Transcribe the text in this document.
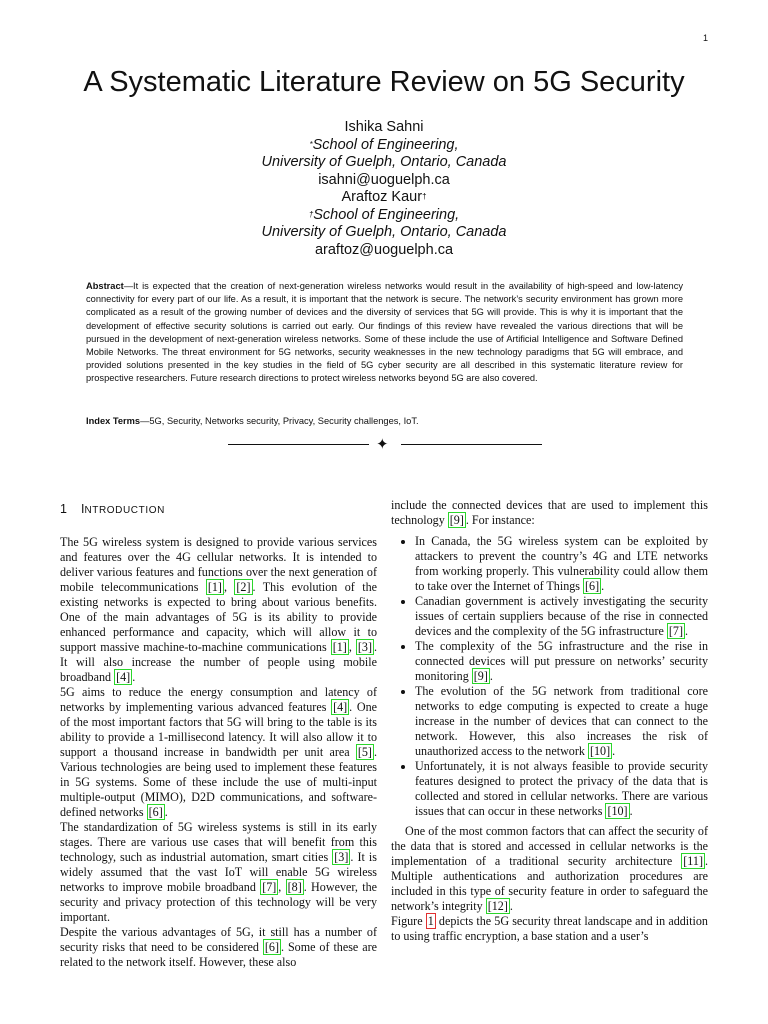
1
A Systematic Literature Review on 5G Security
Ishika Sahni
*School of Engineering,
University of Guelph, Ontario, Canada
isahni@uoguelph.ca
Araftoz Kaur†
†School of Engineering,
University of Guelph, Ontario, Canada
araftoz@uoguelph.ca
Abstract—It is expected that the creation of next-generation wireless networks would result in the availability of high-speed and low-latency connectivity for every part of our life. As a result, it is important that the network is secure. The network’s security environment has grown more complicated as a result of the growing number of devices and the diversity of services that 5G will provide. This is why it is important that the development of effective security solutions is carried out early. Our findings of this review have revealed the various directions that will be pursued in the development of next-generation wireless networks. Some of these include the use of Artificial Intelligence and Software Defined Mobile Networks. The threat environment for 5G networks, security weaknesses in the new technology paradigms that 5G will embrace, and provided solutions presented in the key studies in the field of 5G cyber security are all described in this systematic literature review for prospective researchers. Future research directions to protect wireless networks beyond 5G are also covered.
Index Terms—5G, Security, Networks security, Privacy, Security challenges, IoT.
✦
1 INTRODUCTION

The 5G wireless system is designed to provide various services and features over the 4G cellular networks. It is intended to deliver various features and functions over the next generation of mobile telecommunications [1] , [2] . This evolution of the existing networks is expected to bring about various benefits. One of the main advantages of 5G is its ability to provide enhanced performance and capacity, which will allow it to support massive machine-to-machine communications [1] , [3] . It will also increase the number of people using mobile broadband [4] .

5G aims to reduce the energy consumption and latency of networks by implementing various advanced features [4] . One of the most important factors that 5G will bring to the table is its ability to provide a 1-millisecond latency. It will also allow it to support a thousand increase in bandwidth per unit area [5] . Various technologies are being used to implement these features in 5G systems. Some of these include the use of multi-input multiple-output (MIMO), D2D communications, and software-defined networks [6] .

The standardization of 5G wireless systems is still in its early stages. There are various use cases that will benefit from this technology, such as industrial automation, smart cities [3] . It is widely assumed that the vast IoT will enable 5G wireless networks to improve mobile broadband [7] , [8] . However, the security and privacy protection of this technology will be very important.

Despite the various advantages of 5G, it still has a number of security risks that need to be considered [6] . Some of these are related to the network itself. However, these also

include the connected devices that are used to implement this technology [9] . For instance:

• In Canada, the 5G wireless system can be exploited by attackers to prevent the country’s 4G and LTE networks from working properly. This vulnerability could allow them to take over the Internet of Things [6] .
• Canadian government is actively investigating the security issues of certain suppliers because of the rise in connected devices and the complexity of the 5G infrastructure [7] .
• The complexity of the 5G infrastructure and the rise in connected devices will put pressure on networks’ security monitoring [9] .
• The evolution of the 5G network from traditional core networks to edge computing is expected to create a huge increase in the number of devices that can connect to the network. However, this also increases the risk of unauthorized access to the network [10] .
• Unfortunately, it is not always feasible to provide security features designed to protect the privacy of the data that is collected and stored in cellular networks. There are various issues that can occur in these networks [10] .

One of the most common factors that can affect the security of the data that is stored and accessed in cellular networks is the implementation of a traditional security architecture [11] . Multiple authentications and authorization procedures are included in this type of security feature in order to safeguard the network’s integrity [12] .

Figure 1 depicts the 5G security threat landscape and in addition to using traffic encryption, a base station and a user’s
